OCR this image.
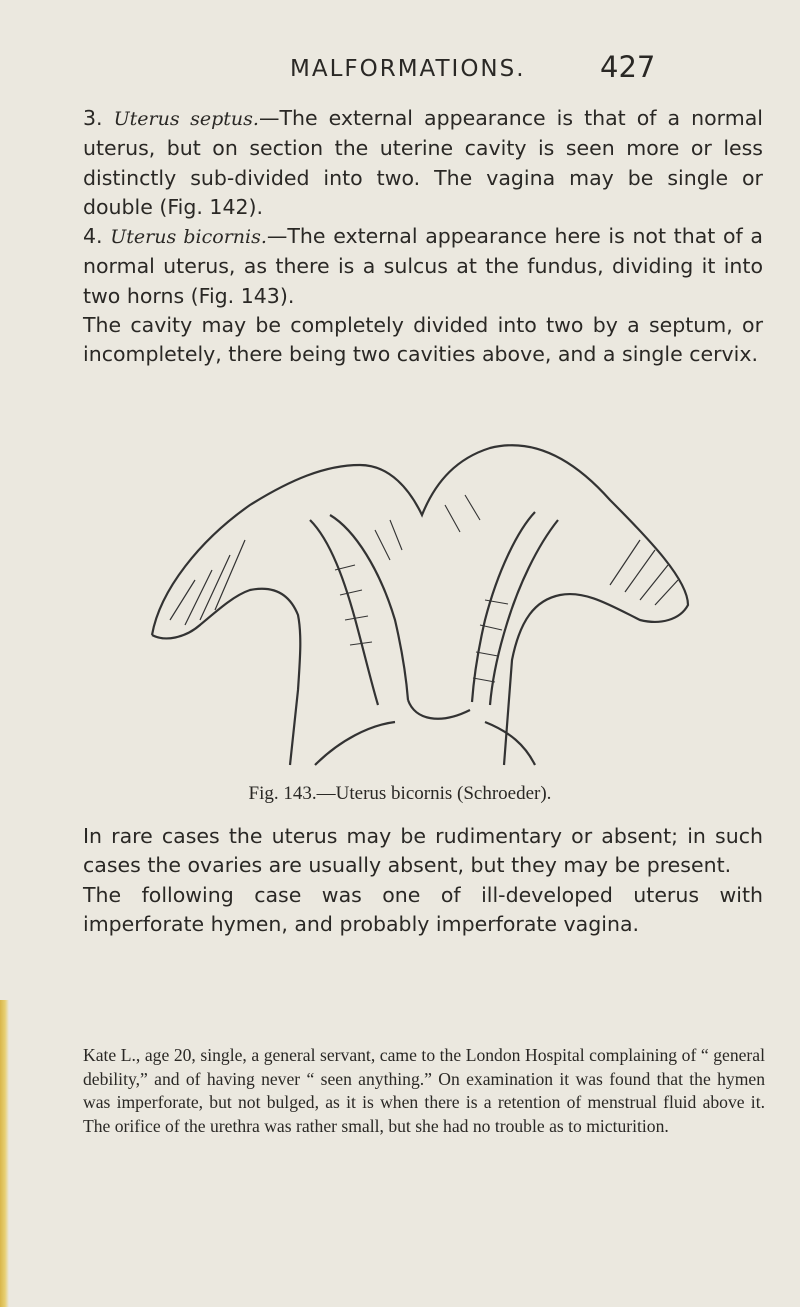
MALFORMATIONS.	427

3. Uterus septus.—The external appearance is that of a normal uterus, but on section the uterine cavity is seen more or less distinctly sub-divided into two. The vagina may be single or double (Fig. 142).

4. Uterus bicornis.—The external appearance here is not that of a normal uterus, as there is a sulcus at the fundus, dividing it into two horns (Fig. 143).

The cavity may be completely divided into two by a septum, or incompletely, there being two cavities above, and a single cervix.

Fig. 143.—Uterus bicornis (Schroeder).

In rare cases the uterus may be rudimentary or absent; in such cases the ovaries are usually absent, but they may be present.

The following case was one of ill-developed uterus with imperforate hymen, and probably imperforate vagina.

Kate L., age 20, single, a general servant, came to the London Hospital complaining of “ general debility,” and of having never “ seen anything.” On examination it was found that the hymen was imperforate, but not bulged, as it is when there is a retention of menstrual fluid above it. The orifice of the urethra was rather small, but she had no trouble as to micturition.
